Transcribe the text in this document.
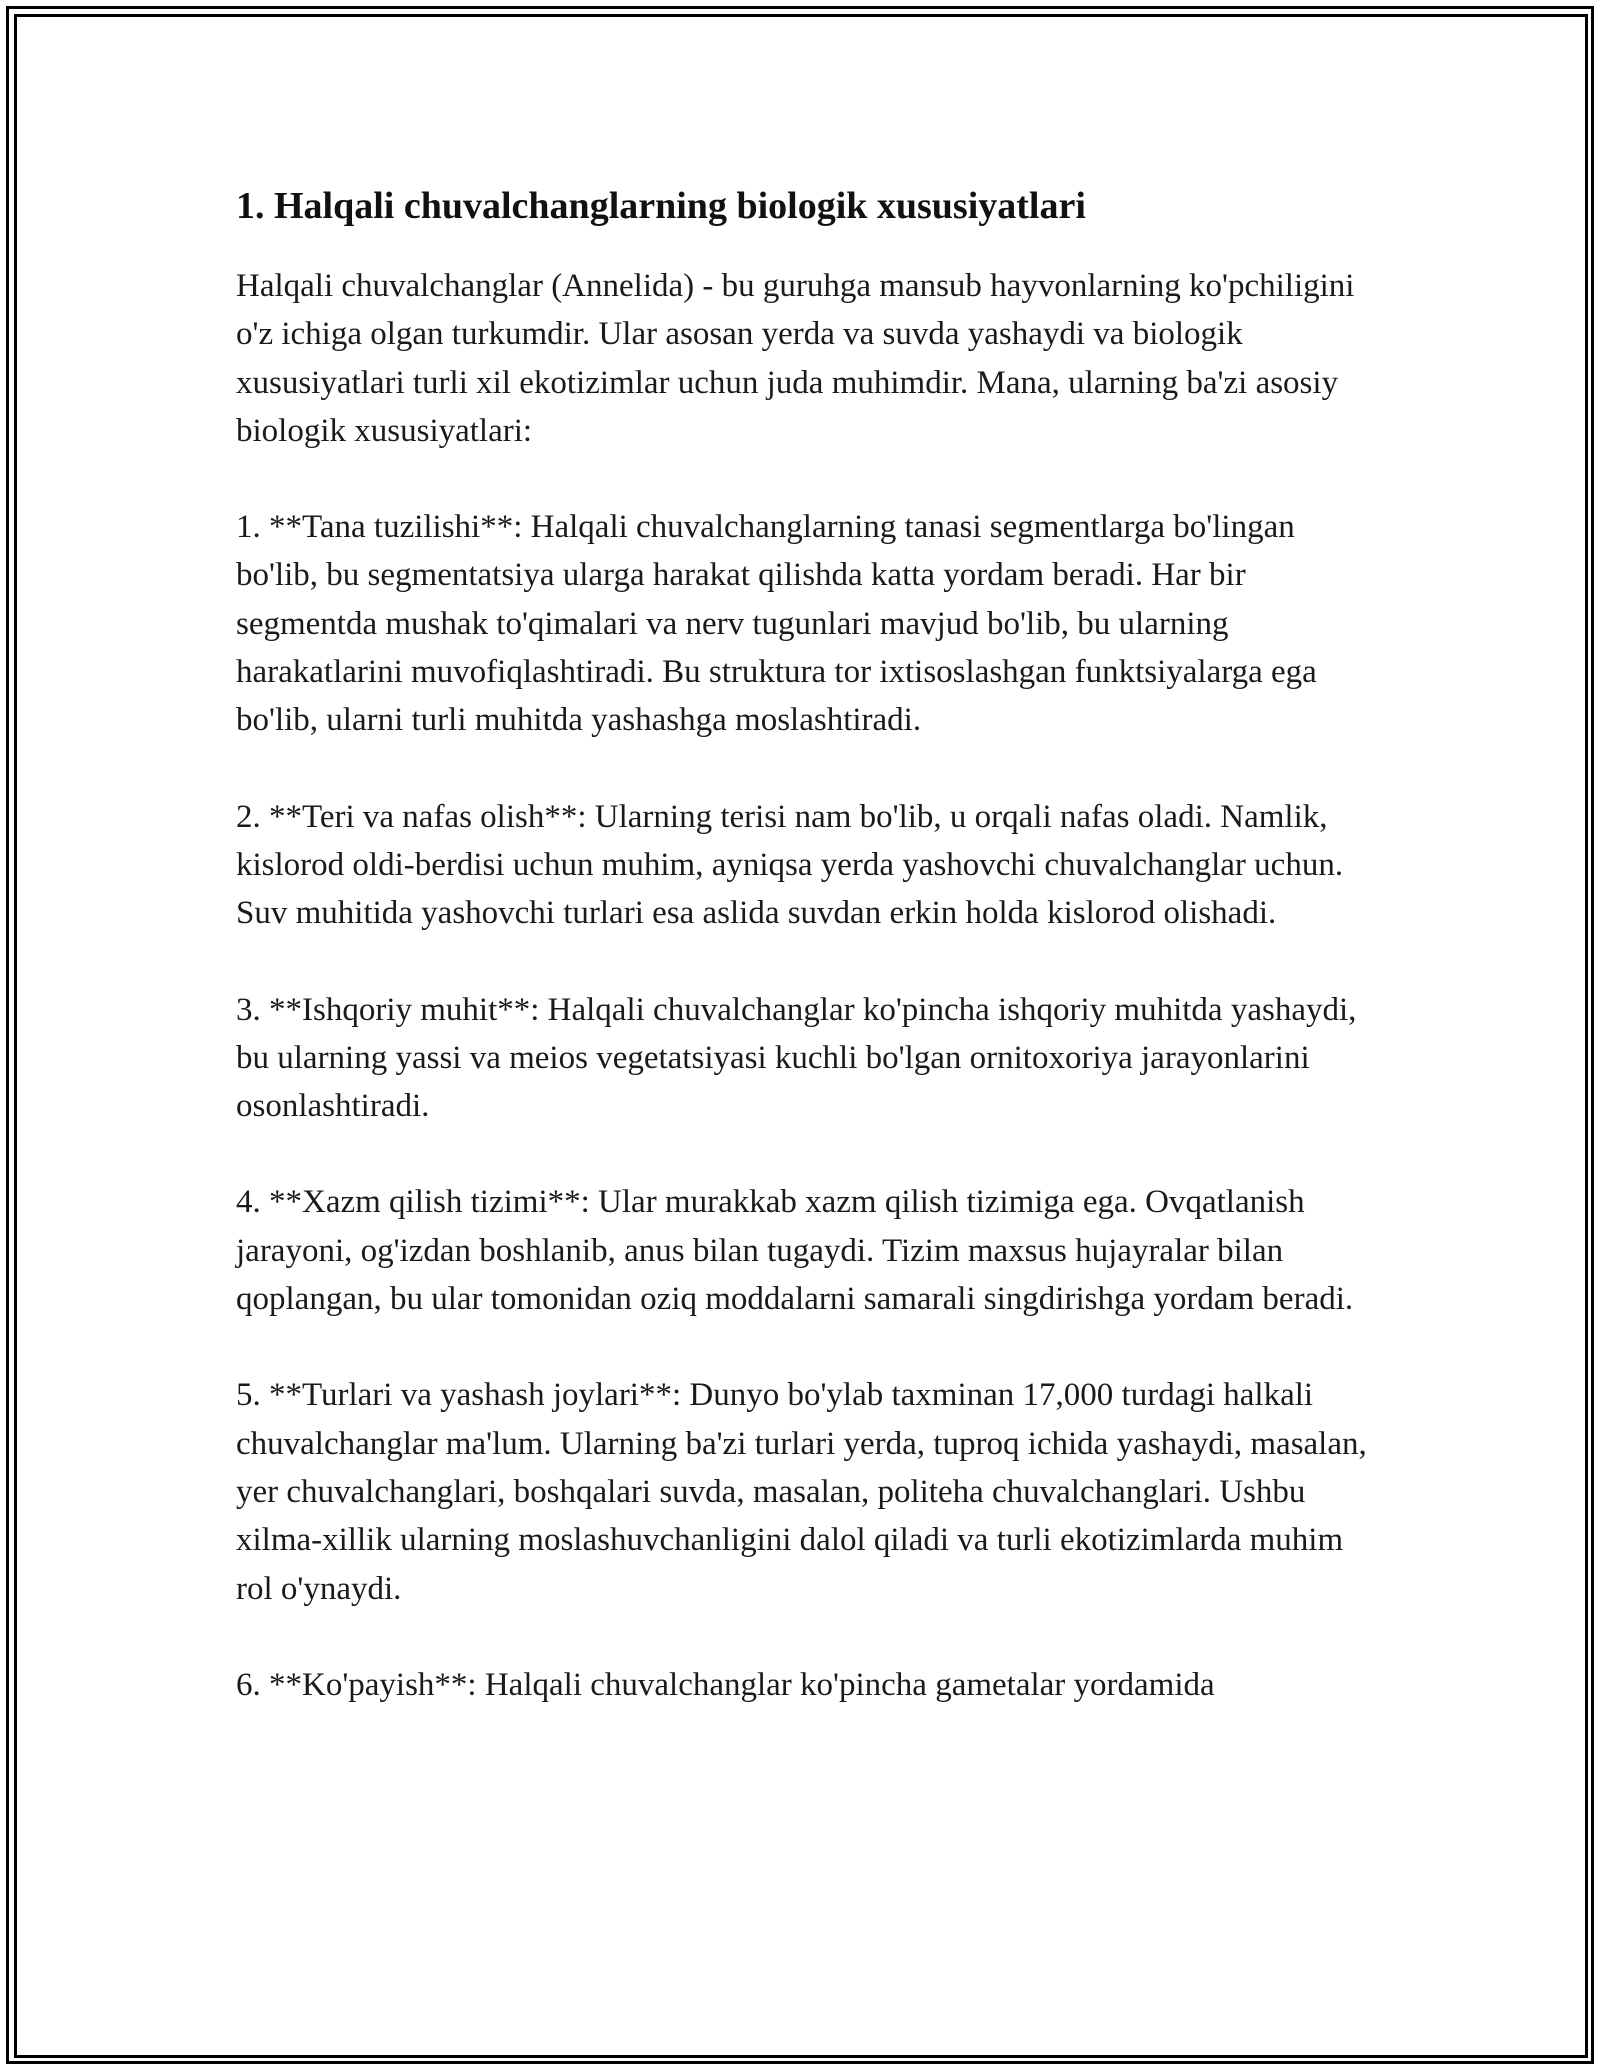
1. Halqali chuvalchanglarning biologik xususiyatlari

Halqali chuvalchanglar (Annelida) - bu guruhga mansub hayvonlarning ko'pchiligini o'z ichiga olgan turkumdir. Ular asosan yerda va suvda yashaydi va biologik xususiyatlari turli xil ekotizimlar uchun juda muhimdir. Mana, ularning ba'zi asosiy biologik xususiyatlari:

1. **Tana tuzilishi**: Halqali chuvalchanglarning tanasi segmentlarga bo'lingan bo'lib, bu segmentatsiya ularga harakat qilishda katta yordam beradi. Har bir segmentda mushak to'qimalari va nerv tugunlari mavjud bo'lib, bu ularning harakatlarini muvofiqlashtiradi. Bu struktura tor ixtisoslashgan funktsiyalarga ega bo'lib, ularni turli muhitda yashashga moslashtiradi.

2. **Teri va nafas olish**: Ularning terisi nam bo'lib, u orqali nafas oladi. Namlik, kislorod oldi-berdisi uchun muhim, ayniqsa yerda yashovchi chuvalchanglar uchun. Suv muhitida yashovchi turlari esa aslida suvdan erkin holda kislorod olishadi.

3. **Ishqoriy muhit**: Halqali chuvalchanglar ko'pincha ishqoriy muhitda yashaydi, bu ularning yassi va meios vegetatsiyasi kuchli bo'lgan ornitoxoriya jarayonlarini osonlashtiradi.

4. **Xazm qilish tizimi**: Ular murakkab xazm qilish tizimiga ega. Ovqatlanish jarayoni, og'izdan boshlanib, anus bilan tugaydi. Tizim maxsus hujayralar bilan qoplangan, bu ular tomonidan oziq moddalarni samarali singdirishga yordam beradi.

5. **Turlari va yashash joylari**: Dunyo bo'ylab taxminan 17,000 turdagi halkali chuvalchanglar ma'lum. Ularning ba'zi turlari yerda, tuproq ichida yashaydi, masalan, yer chuvalchanglari, boshqalari suvda, masalan, politeha chuvalchanglari. Ushbu xilma-xillik ularning moslashuvchanligini dalol qiladi va turli ekotizimlarda muhim rol o'ynaydi.

6. **Ko'payish**: Halqali chuvalchanglar ko'pincha gametalar yordamida
